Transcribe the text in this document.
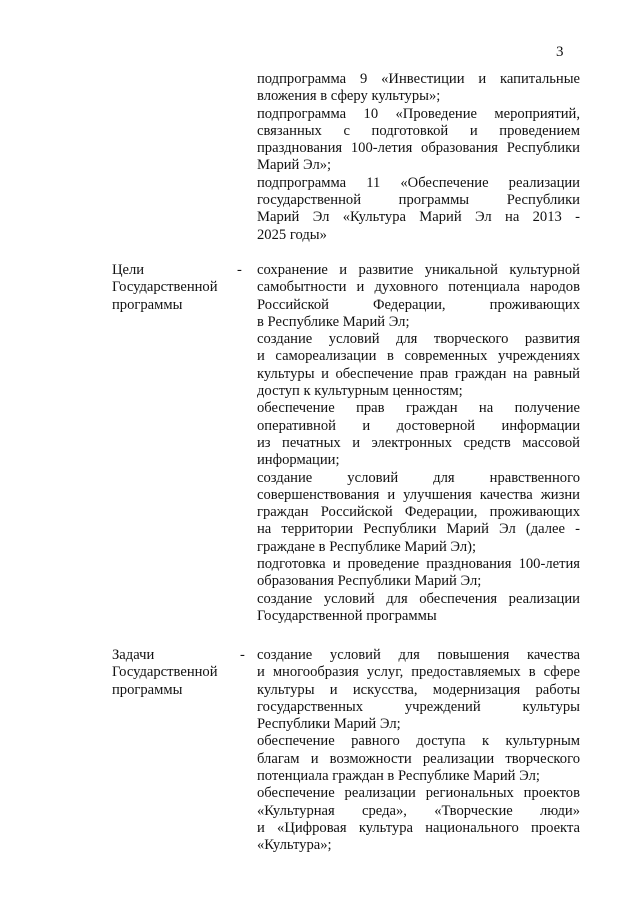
3
подпрограмма 9 «Инвестиции и капитальные
вложения в сферу культуры»;
подпрограмма 10 «Проведение мероприятий,
связанных с подготовкой и проведением
празднования 100-летия образования Республики
Марий Эл»;
подпрограмма 11 «Обеспечение реализации
государственной программы Республики
Марий Эл «Культура Марий Эл на 2013 -
2025 годы»
Цели
Государственной
программы
- сохранение и развитие уникальной культурной
самобытности и духовного потенциала народов
Российской Федерации, проживающих
в Республике Марий Эл;
создание условий для творческого развития
и самореализации в современных учреждениях
культуры и обеспечение прав граждан на равный
доступ к культурным ценностям;
обеспечение прав граждан на получение
оперативной и достоверной информации
из печатных и электронных средств массовой
информации;
создание условий для нравственного
совершенствования и улучшения качества жизни
граждан Российской Федерации, проживающих
на территории Республики Марий Эл (далее -
граждане в Республике Марий Эл);
подготовка и проведение празднования 100-летия
образования Республики Марий Эл;
создание условий для обеспечения реализации
Государственной программы
Задачи
Государственной
программы
- создание условий для повышения качества
и многообразия услуг, предоставляемых в сфере
культуры и искусства, модернизация работы
государственных учреждений культуры
Республики Марий Эл;
обеспечение равного доступа к культурным
благам и возможности реализации творческого
потенциала граждан в Республике Марий Эл;
обеспечение реализации региональных проектов
«Культурная среда», «Творческие люди»
и «Цифровая культура национального проекта
«Культура»;
